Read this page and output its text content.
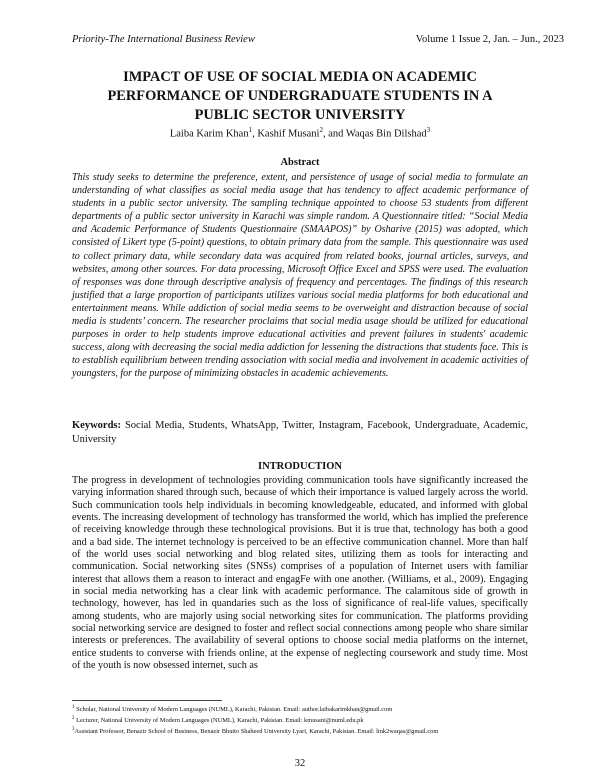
Priority-The International Business Review	Volume 1 Issue 2, Jan. – Jun., 2023
IMPACT OF USE OF SOCIAL MEDIA ON ACADEMIC PERFORMANCE OF UNDERGRADUATE STUDENTS IN A PUBLIC SECTOR UNIVERSITY
Laiba Karim Khan$^1$, Kashif Musani$^2$, and Waqas Bin Dilshad$^3$
Abstract
This study seeks to determine the preference, extent, and persistence of usage of social media to formulate an understanding of what classifies as social media usage that has tendency to affect academic performance of students in a public sector university. The sampling technique appointed to choose 53 students from different departments of a public sector university in Karachi was simple random. A Questionnaire titled: “Social Media and Academic Performance of Students Questionnaire (SMAAPOS)” by Osharive (2015) was adopted, which consisted of Likert type (5-point) questions, to obtain primary data from the sample. This questionnaire was used to collect primary data, while secondary data was acquired from related books, journal articles, surveys, and websites, among other sources. For data processing, Microsoft Office Excel and SPSS were used. The evaluation of responses was done through descriptive analysis of frequency and percentages. The findings of this research justified that a large proportion of participants utilizes various social media platforms for both educational and entertainment means. While addiction of social media seems to be overweight and distraction because of social media is students’ concern. The researcher proclaims that social media usage should be utilized for educational purposes in order to help students improve educational activities and prevent failures in students' academic success, along with decreasing the social media addiction for lessening the distractions that students face. This is to establish equilibrium between trending association with social media and involvement in academic activities of youngsters, for the purpose of minimizing obstacles in academic achievements.
Keywords: Social Media, Students, WhatsApp, Twitter, Instagram, Facebook, Undergraduate, Academic, University
INTRODUCTION
The progress in development of technologies providing communication tools have significantly increased the varying information shared through such, because of which their importance is valued largely across the world. Such communication tools help individuals in becoming knowledgeable, educated, and informed with global events. The increasing development of technology has transformed the world, which has implied the preference of receiving knowledge through these technological provisions. But it is true that, technology has both a good and a bad side. The internet technology is perceived to be an effective communication channel. More than half of the world uses social networking and blog related sites, utilizing them as tools for interacting and communication. Social networking sites (SNSs) comprises of a population of Internet users with familiar interest that allows them a reason to interact and engagFe with one another. (Williams, et al., 2009). Engaging in social media networking has a clear link with academic performance. The calamitous side of growth in technology, however, has led in quandaries such as the loss of significance of real-life values, specifically among students, who are majorly using social networking sites for communication. The platforms providing social networking service are designed to foster and reflect social connections among people who share similar interests or preferences. The availability of several options to choose social media platforms on the internet, entice students to converse with friends online, at the expense of neglecting coursework and study time. Most of the youth is now obsessed internet, such as
$^1$ Scholar, National University of Modern Languages (NUML), Karachi, Pakistan. Email: author.laibakarimkhan@gmail.com
$^2$ Lecturer, National University of Modern Languages (NUML), Karachi, Pakistan. Email: kmusani@numl.edu.pk
$^3$Assistant Professor, Benazir School of Business, Benazir Bhutto Shaheed University Lyari, Karachi, Pakistan. Email: link2waqas@gmail.com
32
